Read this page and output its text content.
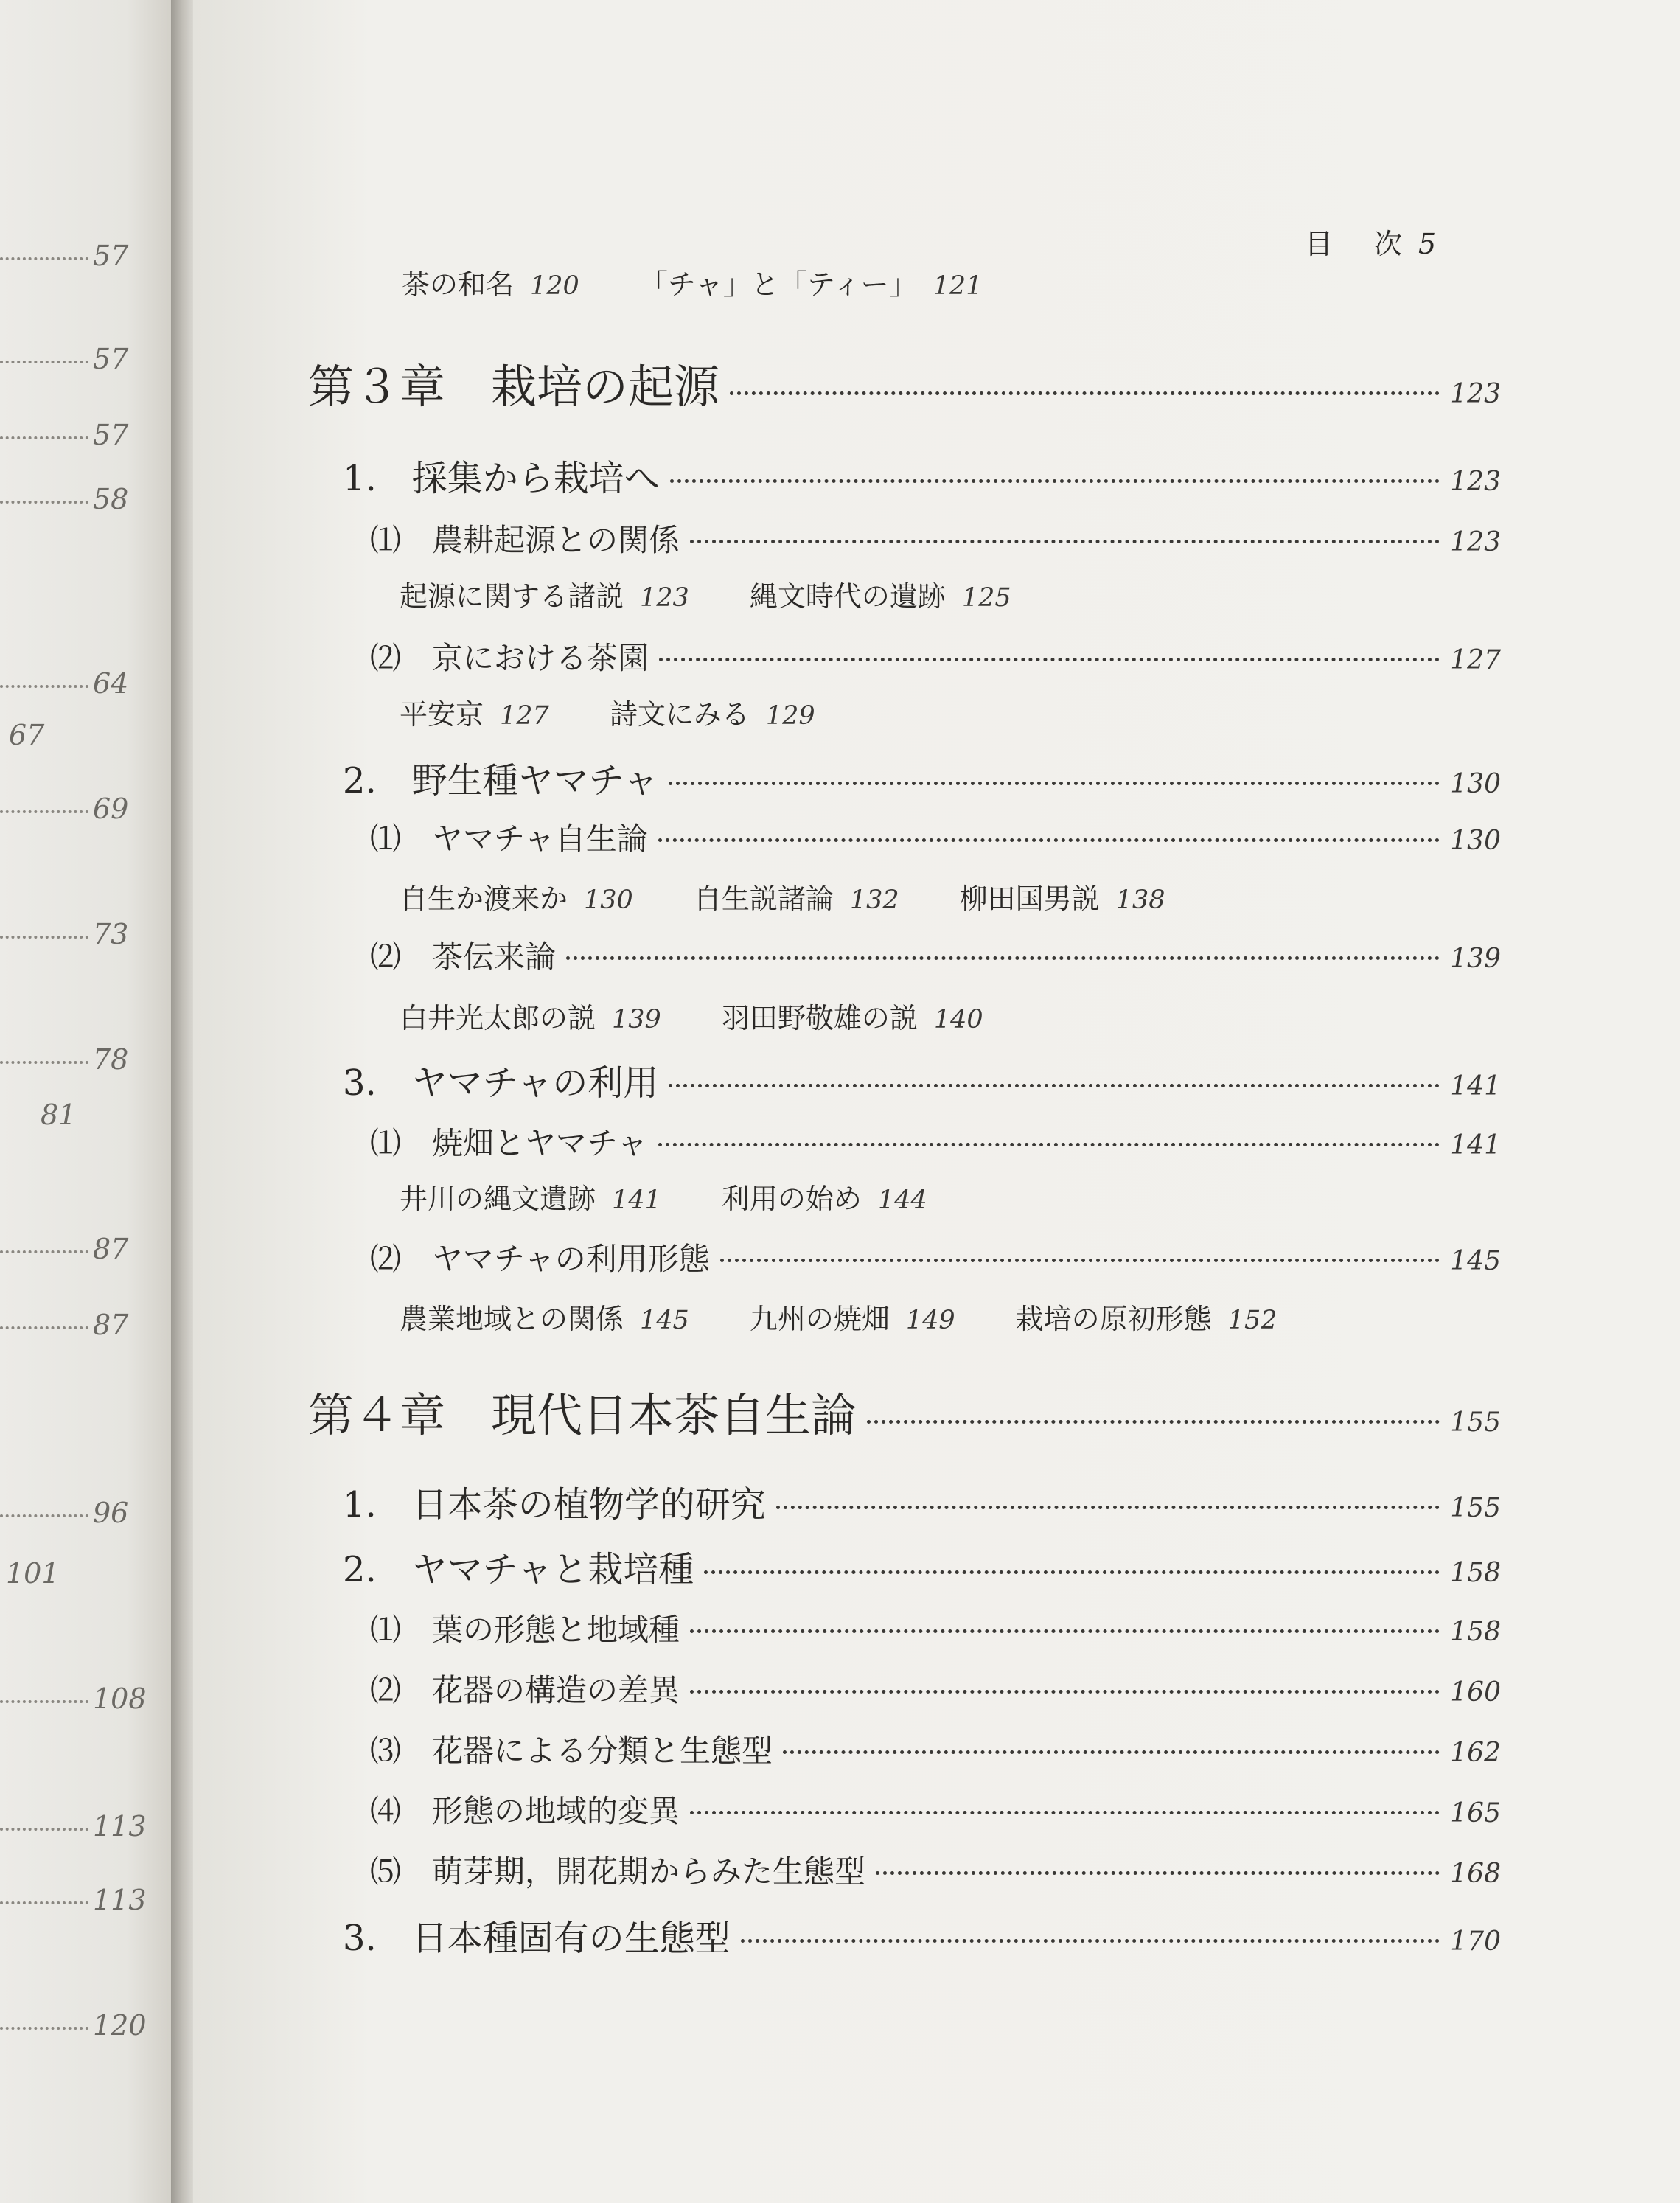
57
57
57
58
64
67
69
73
78
81
87
87
96
101
108
113
113
120
目 次 5
茶の和名 120 「チャ」と「ティー」 121
第３章　栽培の起源	123
1.　採集から栽培へ	123
⑴　農耕起源との関係	123
起源に関する諸説 123 縄文時代の遺跡 125
⑵　京における茶園	127
平安京 127 詩文にみる 129
2.　野生種ヤマチャ	130
⑴　ヤマチャ自生論	130
自生か渡来か 130 自生説諸論 132 柳田国男説 138
⑵　茶伝来論	139
白井光太郎の説 139 羽田野敬雄の説 140
3.　ヤマチャの利用	141
⑴　焼畑とヤマチャ	141
井川の縄文遺跡 141 利用の始め 144
⑵　ヤマチャの利用形態	145
農業地域との関係 145 九州の焼畑 149 栽培の原初形態 152
第４章　現代日本茶自生論	155
1.　日本茶の植物学的研究	155
2.　ヤマチャと栽培種	158
⑴　葉の形態と地域種	158
⑵　花器の構造の差異	160
⑶　花器による分類と生態型	162
⑷　形態の地域的変異	165
⑸　萌芽期，開花期からみた生態型	168
3.　日本種固有の生態型	170
